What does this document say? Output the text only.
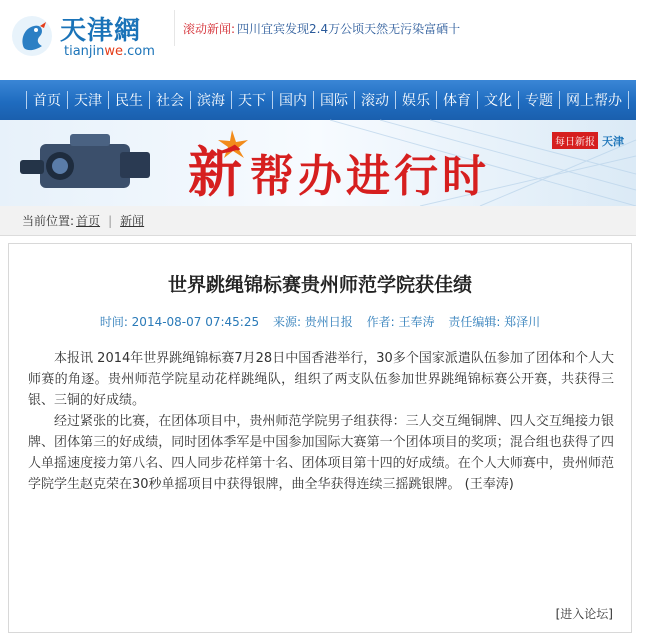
天津網
tianjinwe.com
滚动新闻: 四川宜宾发现2.4万公顷天然无污染富硒十
首页 天津 民生 社会 滨海 天下 国内 国际 滚动 娱乐 体育 文化 专题 网上帮办 即时
新帮办进行时
每日新报 天津
当前位置: 首页 | 新闻
世界跳绳锦标赛贵州师范学院获佳绩
时间: 2014-08-07 07:45:25 来源: 贵州日报 作者: 王奉涛 责任编辑: 郑泽川

本报讯 2014年世界跳绳锦标赛7月28日中国香港举行，30多个国家派遣队伍参加了团体和个人大师赛的角逐。贵州师范学院星动花样跳绳队，组织了两支队伍参加世界跳绳锦标赛公开赛，共获得三银、三铜的好成绩。

经过紧张的比赛，在团体项目中，贵州师范学院男子组获得：三人交互绳铜牌、四人交互绳接力银牌、团体第三的好成绩，同时团体季军是中国参加国际大赛第一个团体项目的奖项；混合组也获得了四人单摇速度接力第八名、四人同步花样第十名、团体项目第十四的好成绩。在个人大师赛中，贵州师范学院学生赵克荣在30秒单摇项目中获得银牌，曲全华获得连续三摇跳银牌。 (王奉涛)

[进入论坛]
